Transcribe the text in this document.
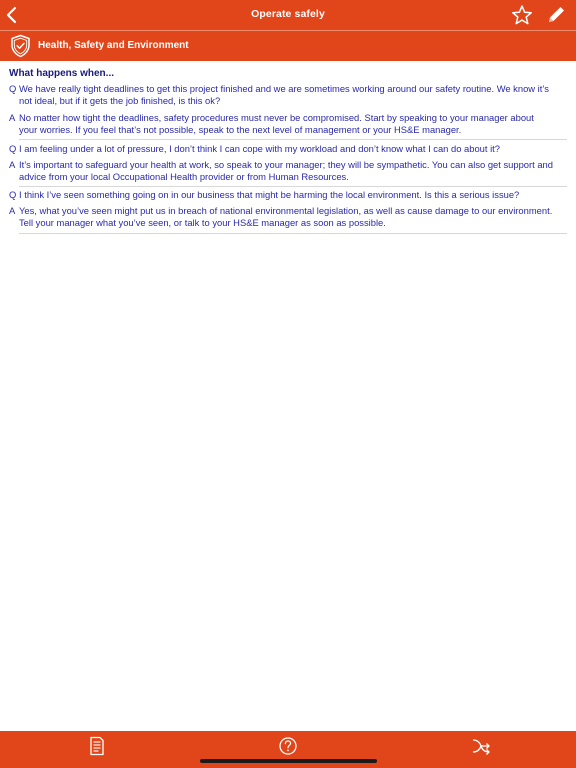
Operate safely
Health, Safety and Environment
What happens when...
Q We have really tight deadlines to get this project finished and we are sometimes working around our safety routine. We know it’s not ideal, but if it gets the job finished, is this ok?
A No matter how tight the deadlines, safety procedures must never be compromised. Start by speaking to your manager about your worries. If you feel that’s not possible, speak to the next level of management or your HS&E manager.
Q I am feeling under a lot of pressure, I don’t think I can cope with my workload and don’t know what I can do about it?
A It’s important to safeguard your health at work, so speak to your manager; they will be sympathetic. You can also get support and advice from your local Occupational Health provider or from Human Resources.
Q I think I’ve seen something going on in our business that might be harming the local environment. Is this a serious issue?
A Yes, what you’ve seen might put us in breach of national environmental legislation, as well as cause damage to our environment. Tell your manager what you’ve seen, or talk to your HS&E manager as soon as possible.
